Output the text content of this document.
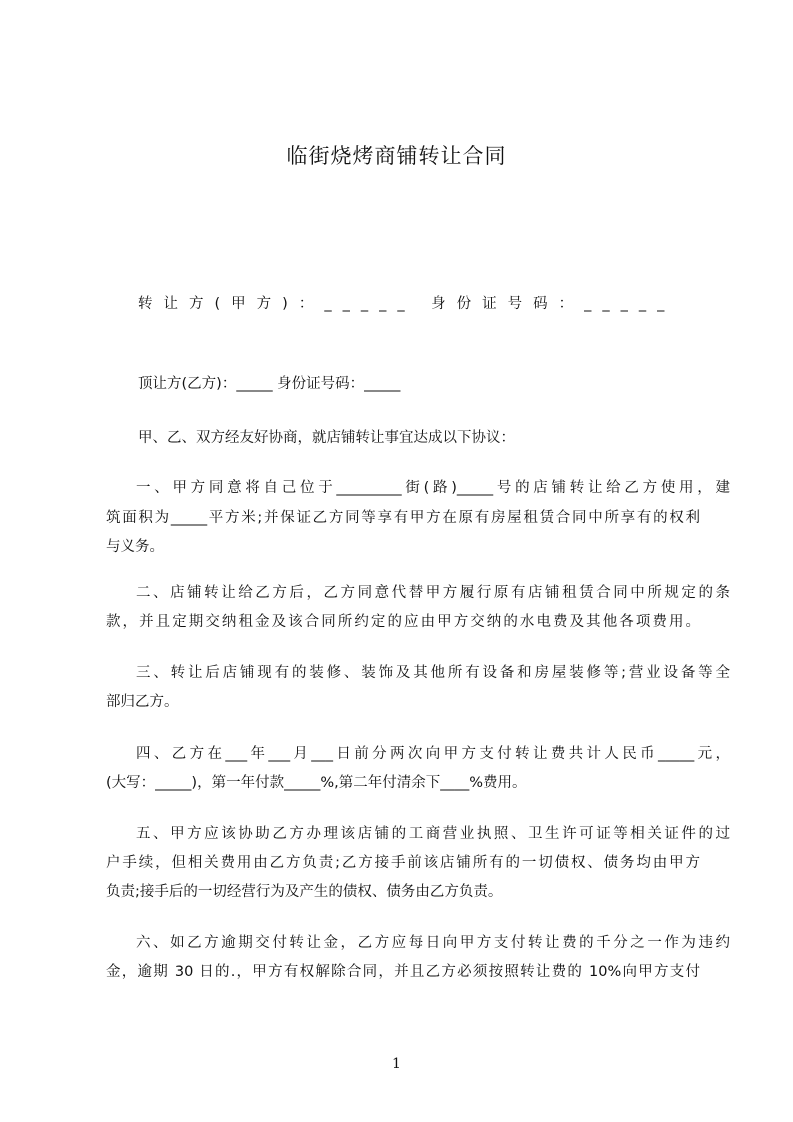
临街烧烤商铺转让合同
转让方(甲方)：_____ 身份证号码：_____
顶让方(乙方)：_____ 身份证号码：_____
甲、乙、双方经友好协商，就店铺转让事宜达成以下协议：
一、甲方同意将自己位于_________街(路)_____号的店铺转让给乙方使用，建
筑面积为_____平方米;并保证乙方同等享有甲方在原有房屋租赁合同中所享有的权利
与义务。
二、店铺转让给乙方后，乙方同意代替甲方履行原有店铺租赁合同中所规定的条
款，并且定期交纳租金及该合同所约定的应由甲方交纳的水电费及其他各项费用。
三、转让后店铺现有的装修、装饰及其他所有设备和房屋装修等;营业设备等全
部归乙方。
四、乙方在___年___月___日前分两次向甲方支付转让费共计人民币_____元，
(大写：_____)，第一年付款_____%,第二年付清余下____%费用。
五、甲方应该协助乙方办理该店铺的工商营业执照、卫生许可证等相关证件的过
户手续，但相关费用由乙方负责;乙方接手前该店铺所有的一切债权、债务均由甲方
负责;接手后的一切经营行为及产生的债权、债务由乙方负责。
六、如乙方逾期交付转让金，乙方应每日向甲方支付转让费的千分之一作为违约
金，逾期 30 日的.，甲方有权解除合同，并且乙方必须按照转让费的 10%向甲方支付
1
